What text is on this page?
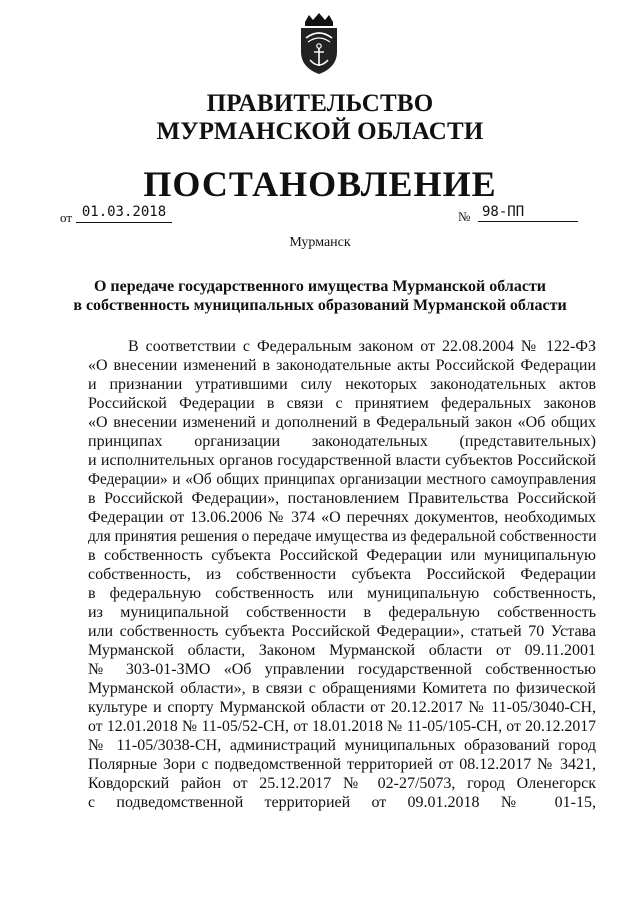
ПРАВИТЕЛЬСТВО
МУРМАНСКОЙ ОБЛАСТИ
ПОСТАНОВЛЕНИЕ
от 01.03.2018	№ 98-ПП
Мурманск
О передаче государственного имущества Мурманской области
в собственность муниципальных образований Мурманской области
В соответствии с Федеральным законом от 22.08.2004 № 122-ФЗ
«О внесении изменений в законодательные акты Российской Федерации
и признании утратившими силу некоторых законодательных актов
Российской Федерации в связи с принятием федеральных законов
«О внесении изменений и дополнений в Федеральный закон «Об общих
принципах организации законодательных (представительных)
и исполнительных органов государственной власти субъектов Российской
Федерации» и «Об общих принципах организации местного самоуправления
в Российской Федерации», постановлением Правительства Российской
Федерации от 13.06.2006 № 374 «О перечнях документов, необходимых
для принятия решения о передаче имущества из федеральной собственности
в собственность субъекта Российской Федерации или муниципальную
собственность, из собственности субъекта Российской Федерации
в федеральную собственность или муниципальную собственность,
из муниципальной собственности в федеральную собственность
или собственность субъекта Российской Федерации», статьей 70 Устава
Мурманской области, Законом Мурманской области от 09.11.2001
№ 303-01-ЗМО «Об управлении государственной собственностью
Мурманской области», в связи с обращениями Комитета по физической
культуре и спорту Мурманской области от 20.12.2017 № 11-05/3040-СН,
от 12.01.2018 № 11-05/52-СН, от 18.01.2018 № 11-05/105-СН, от 20.12.2017
№ 11-05/3038-СН, администраций муниципальных образований город
Полярные Зори с подведомственной территорией от 08.12.2017 № 3421,
Ковдорский район от 25.12.2017 № 02-27/5073, город Оленегорск
с подведомственной территорией от 09.01.2018 № 01-15,
